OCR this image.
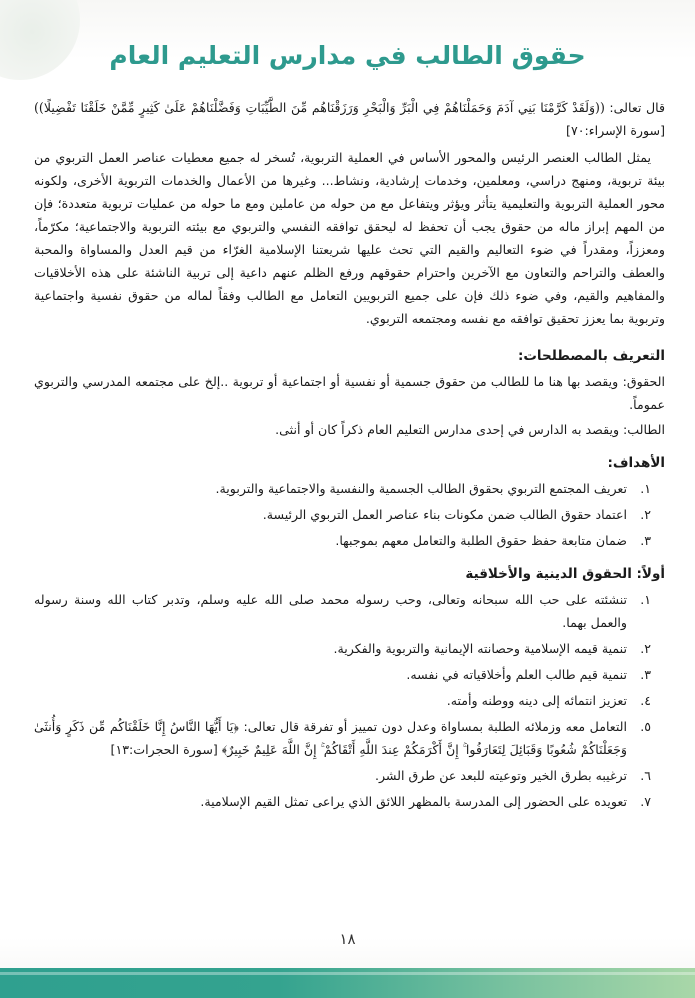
حقوق الطالب في مدارس التعليم العام

قال تعالى: ((وَلَقَدْ كَرَّمْنَا بَنِي آدَمَ وَحَمَلْنَاهُمْ فِي الْبَرِّ وَالْبَحْرِ وَرَزَقْنَاهُم مِّنَ الطَّيِّبَاتِ وَفَضَّلْنَاهُمْ عَلَىٰ كَثِيرٍ مِّمَّنْ خَلَقْنَا تَفْضِيلًا)) [سورة الإسراء:٧٠]

يمثل الطالب العنصر الرئيس والمحور الأساس في العملية التربوية، تُسخر له جميع معطيات عناصر العمل التربوي من بيئة تربوية، ومنهج دراسي، ومعلمين، وخدمات إرشادية، ونشاط... وغيرها من الأعمال والخدمات التربوية الأخرى، ولكونه محور العملية التربوية والتعليمية يتأثر ويؤثر ويتفاعل مع من حوله من عاملين ومع ما حوله من عمليات تربوية متعددة؛ فإن من المهم إبراز ماله من حقوق يجب أن تحفظ له ليحقق توافقه النفسي والتربوي مع بيئته التربوية والاجتماعية؛ مكرّماً، ومعززاً، ومقدراً في ضوء التعاليم والقيم التي تحث عليها شريعتنا الإسلامية الغرّاء من قيم العدل والمساواة والمحبة والعطف والتراحم والتعاون مع الآخرين واحترام حقوقهم ورفع الظلم عنهم داعية إلى تربية الناشئة على هذه الأخلاقيات والمفاهيم والقيم، وفي ضوء ذلك فإن على جميع التربويين التعامل مع الطالب وفقاً لماله من حقوق نفسية واجتماعية وتربوية بما يعزز تحقيق توافقه مع نفسه ومجتمعه التربوي.

التعريف بالمصطلحات:

الحقوق: ويقصد بها هنا ما للطالب من حقوق جسمية أو نفسية أو اجتماعية أو تربوية ..إلخ على مجتمعه المدرسي والتربوي عموماً.

الطالب: ويقصد به الدارس في إحدى مدارس التعليم العام ذكراً كان أو أنثى.

الأهداف:
١.
تعريف المجتمع التربوي بحقوق الطالب الجسمية والنفسية والاجتماعية والتربوية.
٢.
اعتماد حقوق الطالب ضمن مكونات بناء عناصر العمل التربوي الرئيسة.
٣.
ضمان متابعة حفظ حقوق الطلبة والتعامل معهم بموجبها.
أولاً: الحقوق الدينية والأخلاقية
١.
تنشئته على حب الله سبحانه وتعالى، وحب رسوله محمد صلى الله عليه وسلم، وتدبر كتاب الله وسنة رسوله والعمل بهما.
٢.
تنمية قيمه الإسلامية وحصانته الإيمانية والتربوية والفكرية.
٣.
تنمية قيم طالب العلم وأخلاقياته في نفسه.
٤.
تعزيز انتمائه إلى دينه ووطنه وأمته.
٥.
التعامل معه وزملائه الطلبة بمساواة وعدل دون تمييز أو تفرقة قال تعالى: ﴿يَا أَيُّهَا النَّاسُ إِنَّا خَلَقْنَاكُم مِّن ذَكَرٍ وَأُنثَىٰ وَجَعَلْنَاكُمْ شُعُوبًا وَقَبَائِلَ لِتَعَارَفُوا ۚ إِنَّ أَكْرَمَكُمْ عِندَ اللَّهِ أَتْقَاكُمْ ۚ إِنَّ اللَّهَ عَلِيمٌ خَبِيرٌ﴾ [سورة الحجرات:١٣]
٦.
ترغيبه بطرق الخير وتوعيته للبعد عن طرق الشر.
٧.
تعويده على الحضور إلى المدرسة بالمظهر اللائق الذي يراعى تمثل القيم الإسلامية.
١٨
